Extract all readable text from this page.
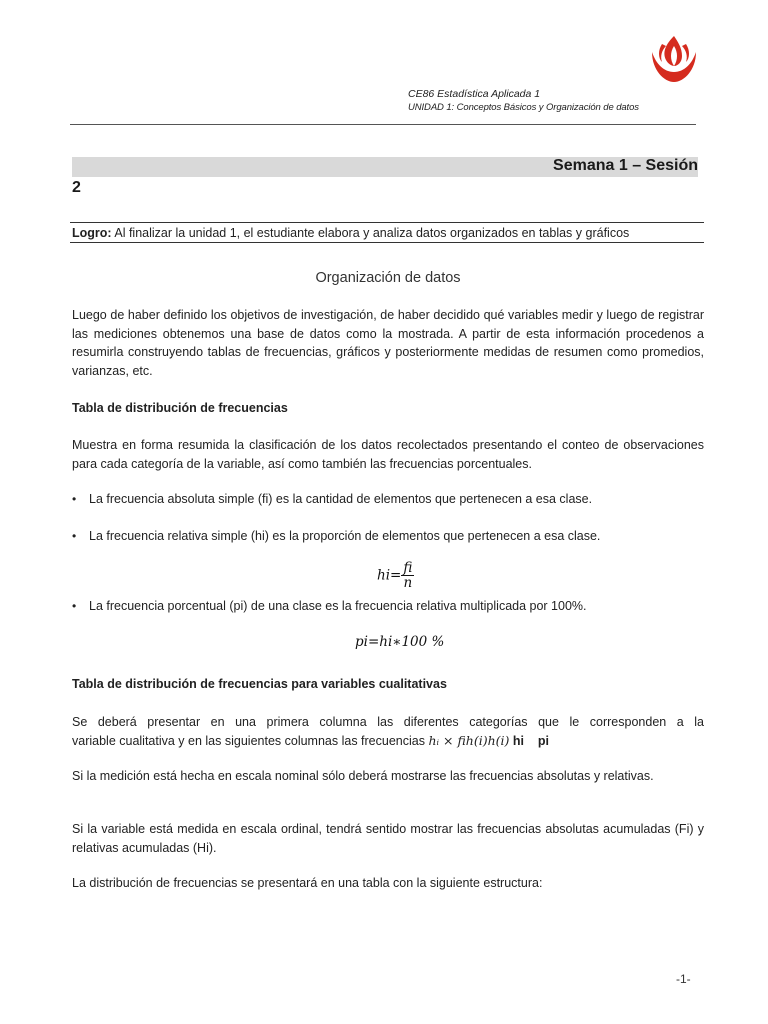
CE86 Estadística Aplicada 1
UNIDAD 1: Conceptos Básicos y Organización de datos
Semana 1 – Sesión
2
Logro: Al finalizar la unidad 1, el estudiante elabora y analiza datos organizados en tablas y gráficos
Organización de datos
Luego de haber definido los objetivos de investigación, de haber decidido qué variables medir y luego de registrar las mediciones obtenemos una base de datos como la mostrada. A partir de esta información procedenos a resumirla construyendo tablas de frecuencias, gráficos y posteriormente medidas de resumen como promedios, varianzas, etc.
Tabla de distribución de frecuencias
Muestra en forma resumida la clasificación de los datos recolectados presentando el conteo de observaciones para cada categoría de la variable, así como también las frecuencias porcentuales.
• La frecuencia absoluta simple (fi) es la cantidad de elementos que pertenecen a esa clase.
• La frecuencia relativa simple (hi) es la proporción de elementos que pertenecen a esa clase.
$hi= \frac{fi}{n}$
• La frecuencia porcentual (pi) de una clase es la frecuencia relativa multiplicada por 100%.
pi=hi∗100 %
Tabla de distribución de frecuencias para variables cualitativas
Se deberá presentar en una primera columna las diferentes categorías que le corresponden a la
variable cualitativa y en las siguientes columnas las frecuencias hᵢ × fih(i)h(i) hi    pi
Si la medición está hecha en escala nominal sólo deberá mostrarse las frecuencias absolutas y relativas.
Si la variable está medida en escala ordinal, tendrá sentido mostrar las frecuencias absolutas acumuladas (Fi) y relativas acumuladas (Hi).
La distribución de frecuencias se presentará en una tabla con la siguiente estructura:
-1-
